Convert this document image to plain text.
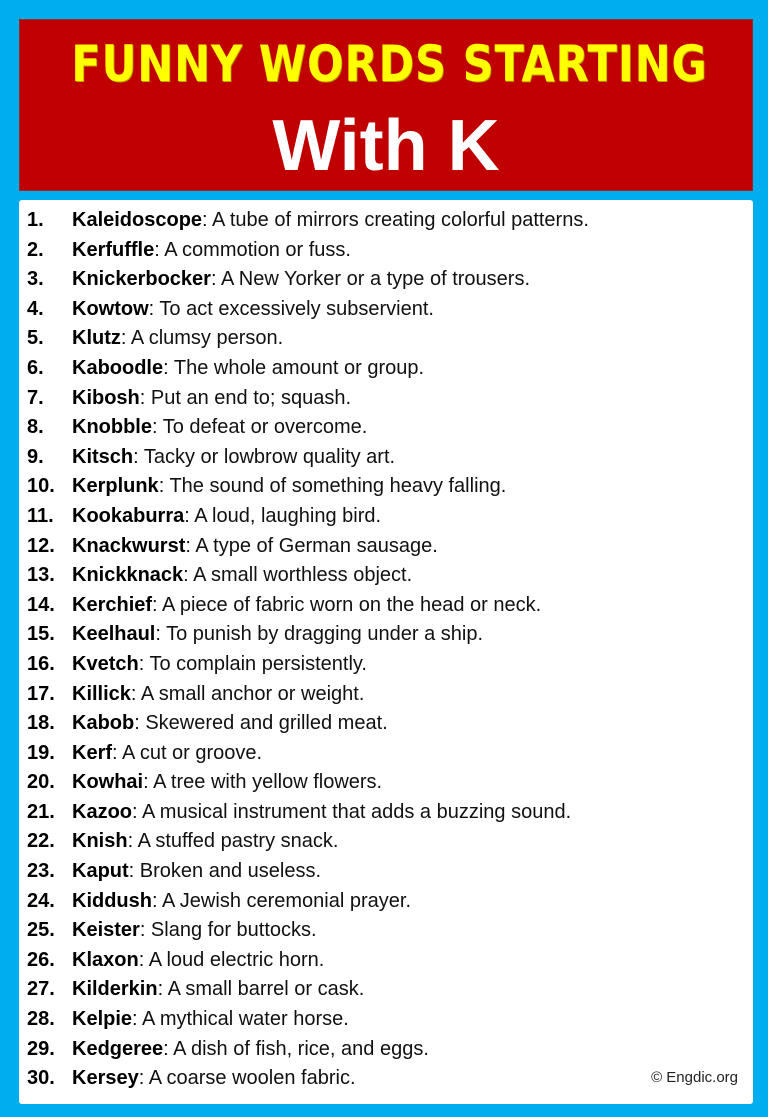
FUNNY WORDS STARTING
With K
1. Kaleidoscope: A tube of mirrors creating colorful patterns.
2. Kerfuffle: A commotion or fuss.
3. Knickerbocker: A New Yorker or a type of trousers.
4. Kowtow: To act excessively subservient.
5. Klutz: A clumsy person.
6. Kaboodle: The whole amount or group.
7. Kibosh: Put an end to; squash.
8. Knobble: To defeat or overcome.
9. Kitsch: Tacky or lowbrow quality art.
10. Kerplunk: The sound of something heavy falling.
11. Kookaburra: A loud, laughing bird.
12. Knackwurst: A type of German sausage.
13. Knickknack: A small worthless object.
14. Kerchief: A piece of fabric worn on the head or neck.
15. Keelhaul: To punish by dragging under a ship.
16. Kvetch: To complain persistently.
17. Killick: A small anchor or weight.
18. Kabob: Skewered and grilled meat.
19. Kerf: A cut or groove.
20. Kowhai: A tree with yellow flowers.
21. Kazoo: A musical instrument that adds a buzzing sound.
22. Knish: A stuffed pastry snack.
23. Kaput: Broken and useless.
24. Kiddush: A Jewish ceremonial prayer.
25. Keister: Slang for buttocks.
26. Klaxon: A loud electric horn.
27. Kilderkin: A small barrel or cask.
28. Kelpie: A mythical water horse.
29. Kedgeree: A dish of fish, rice, and eggs.
30. Kersey: A coarse woolen fabric.	© Engdic.org
